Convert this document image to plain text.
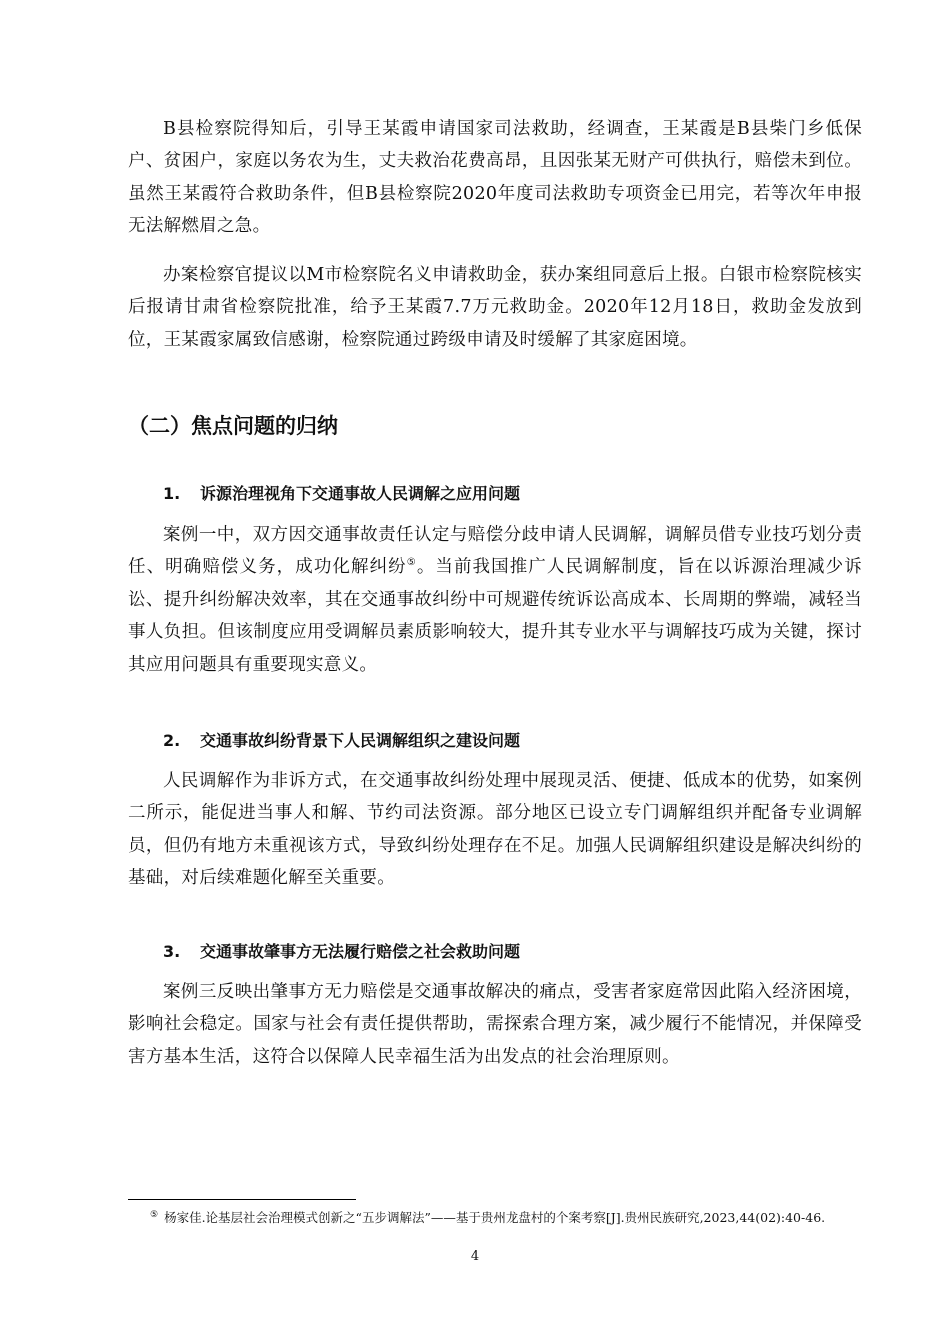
B县检察院得知后，引导王某霞申请国家司法救助，经调查，王某霞是B县柴门乡低保户、贫困户，家庭以务农为生，丈夫救治花费高昂，且因张某无财产可供执行，赔偿未到位。虽然王某霞符合救助条件，但B县检察院2020年度司法救助专项资金已用完，若等次年申报无法解燃眉之急。

办案检察官提议以M市检察院名义申请救助金，获办案组同意后上报。白银市检察院核实后报请甘肃省检察院批准，给予王某霞7.7万元救助金。2020年12月18日，救助金发放到位，王某霞家属致信感谢，检察院通过跨级申请及时缓解了其家庭困境。

（二）焦点问题的归纳
1. 诉源治理视角下交通事故人民调解之应用问题

案例一中，双方因交通事故责任认定与赔偿分歧申请人民调解，调解员借专业技巧划分责任、明确赔偿义务，成功化解纠纷⑤。当前我国推广人民调解制度，旨在以诉源治理减少诉讼、提升纠纷解决效率，其在交通事故纠纷中可规避传统诉讼高成本、长周期的弊端，减轻当事人负担。但该制度应用受调解员素质影响较大，提升其专业水平与调解技巧成为关键，探讨其应用问题具有重要现实意义。

2. 交通事故纠纷背景下人民调解组织之建设问题

人民调解作为非诉方式，在交通事故纠纷处理中展现灵活、便捷、低成本的优势，如案例二所示，能促进当事人和解、节约司法资源。部分地区已设立专门调解组织并配备专业调解员，但仍有地方未重视该方式，导致纠纷处理存在不足。加强人民调解组织建设是解决纠纷的基础，对后续难题化解至关重要。

3. 交通事故肇事方无法履行赔偿之社会救助问题

案例三反映出肇事方无力赔偿是交通事故解决的痛点，受害者家庭常因此陷入经济困境，影响社会稳定。国家与社会有责任提供帮助，需探索合理方案，减少履行不能情况，并保障受害方基本生活，这符合以保障人民幸福生活为出发点的社会治理原则。

⑤ 杨家佳.论基层社会治理模式创新之“五步调解法”——基于贵州龙盘村的个案考察[J].贵州民族研究,2023,44(02):40-46.

4
